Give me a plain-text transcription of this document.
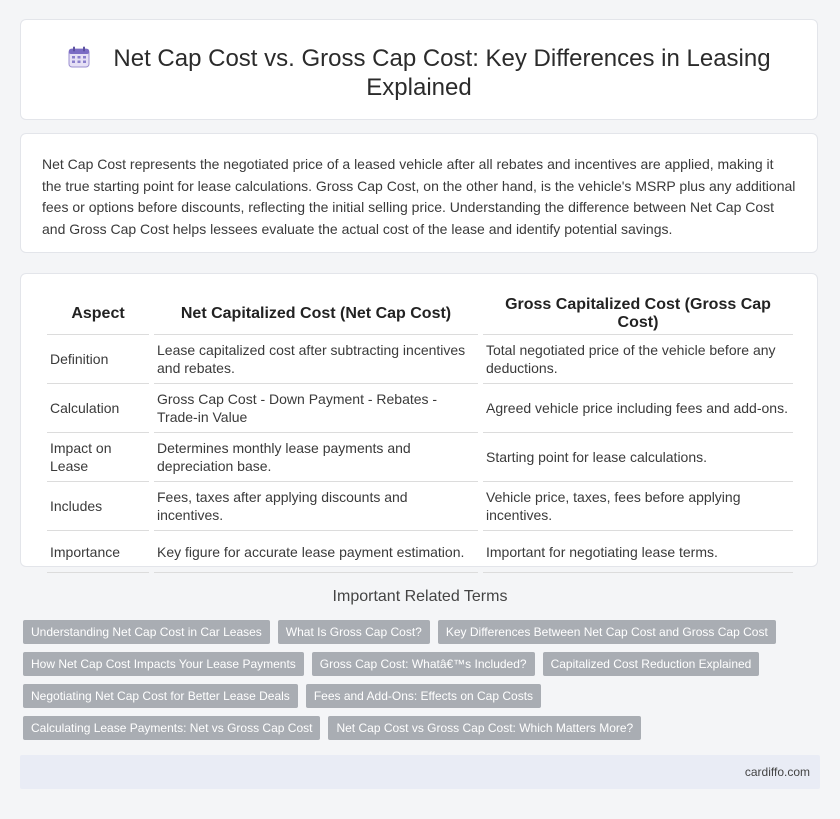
Net Cap Cost vs. Gross Cap Cost: Key Differences in Leasing
Explained
Net Cap Cost represents the negotiated price of a leased vehicle after all rebates and incentives are applied, making it the true starting point for lease calculations. Gross Cap Cost, on the other hand, is the vehicle's MSRP plus any additional fees or options before discounts, reflecting the initial selling price. Understanding the difference between Net Cap Cost and Gross Cap Cost helps lessees evaluate the actual cost of the lease and identify potential savings.
Aspect	Net Capitalized Cost (Net Cap Cost)	Gross Capitalized Cost (Gross Cap Cost)
Definition	Lease capitalized cost after subtracting incentives and rebates.	Total negotiated price of the vehicle before any deductions.
Calculation	Gross Cap Cost - Down Payment - Rebates - Trade-in Value	Agreed vehicle price including fees and add-ons.
Impact on Lease	Determines monthly lease payments and depreciation base.	Starting point for lease calculations.
Includes	Fees, taxes after applying discounts and incentives.	Vehicle price, taxes, fees before applying incentives.
Importance	Key figure for accurate lease payment estimation.	Important for negotiating lease terms.
Important Related Terms
Understanding Net Cap Cost in Car Leases	What Is Gross Cap Cost?	Key Differences Between Net Cap Cost and Gross Cap Cost
How Net Cap Cost Impacts Your Lease Payments	Gross Cap Cost: Whatâ€™s Included?	Capitalized Cost Reduction Explained
Negotiating Net Cap Cost for Better Lease Deals	Fees and Add-Ons: Effects on Cap Costs
Calculating Lease Payments: Net vs Gross Cap Cost	Net Cap Cost vs Gross Cap Cost: Which Matters More?
cardiffo.com
